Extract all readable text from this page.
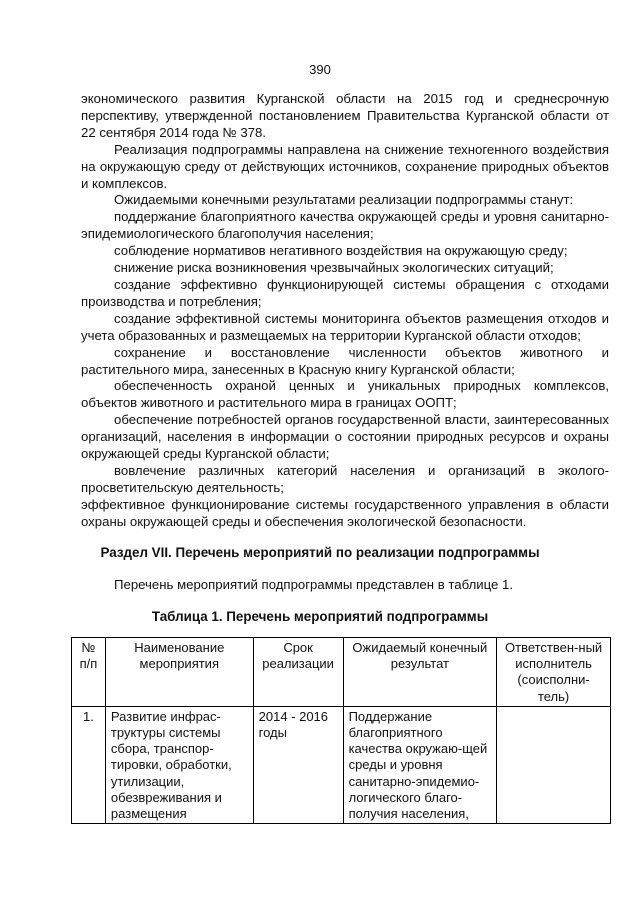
390

экономического развития Курганской области на 2015 год и среднесрочную перспективу, утвержденной постановлением Правительства Курганской области от 22 сентября 2014 года № 378.

Реализация подпрограммы направлена на снижение техногенного воздействия на окружающую среду от действующих источников, сохранение природных объектов и комплексов.

Ожидаемыми конечными результатами реализации подпрограммы станут:

поддержание благоприятного качества окружающей среды и уровня санитарно-эпидемиологического благополучия населения;

соблюдение нормативов негативного воздействия на окружающую среду;

снижение риска возникновения чрезвычайных экологических ситуаций;

создание эффективно функционирующей системы обращения с отходами производства и потребления;

создание эффективной системы мониторинга объектов размещения отходов и учета образованных и размещаемых на территории Курганской области отходов;

сохранение и восстановление численности объектов животного и растительного мира, занесенных в Красную книгу Курганской области;

обеспеченность охраной ценных и уникальных природных комплексов, объектов животного и растительного мира в границах ООПТ;

обеспечение потребностей органов государственной власти, заинтересованных организаций, населения в информации о состоянии природных ресурсов и охраны окружающей среды Курганской области;

вовлечение различных категорий населения и организаций в эколого-просветительскую деятельность;

эффективное функционирование системы государственного управления в области охраны окружающей среды и обеспечения экологической безопасности.

Раздел VII. Перечень мероприятий по реализации подпрограммы
Перечень мероприятий подпрограммы представлен в таблице 1.
Таблица 1. Перечень мероприятий подпрограммы
№ п/п	Наименование мероприятия	Срок реализации	Ожидаемый конечный результат	Ответствен-ный исполнитель (соисполни-тель)
1.	Развитие инфрас-труктуры системы сбора, транспор-тировки, обработки, утилизации, обезвреживания и размещения	2014 - 2016 годы	Поддержание благоприятного качества окружаю-щей среды и уровня санитарно-эпидемио-логического благо-получия населения,	
